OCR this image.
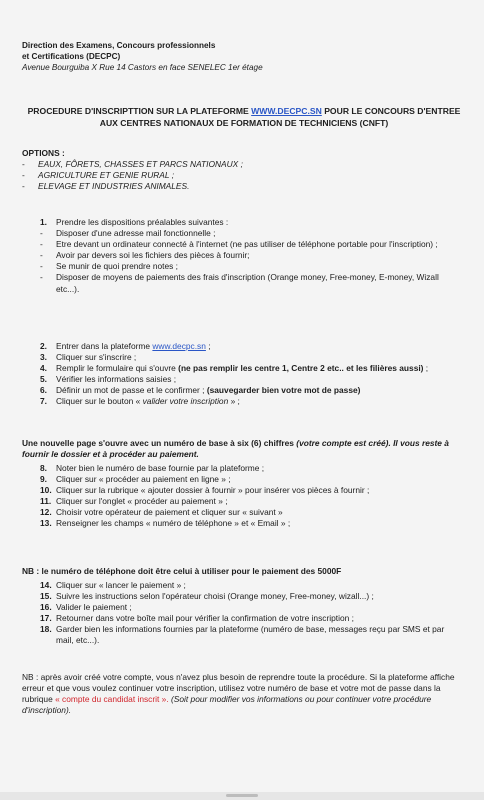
Direction des Examens, Concours professionnels
et Certifications (DECPC)
Avenue Bourguiba X Rue 14 Castors en face SENELEC 1er étage
PROCEDURE D'INSCRIPTTION SUR LA PLATEFORME WWW.DECPC.SN POUR LE CONCOURS D'ENTREE AUX CENTRES NATIONAUX DE FORMATION DE TECHNICIENS (CNFT)
OPTIONS :
- EAUX, FÔRETS, CHASSES ET PARCS NATIONAUX ;
- AGRICULTURE ET GENIE RURAL ;
- ELEVAGE ET INDUSTRIES ANIMALES.
1. Prendre les dispositions préalables suivantes :
- Disposer d'une adresse mail fonctionnelle ;
- Etre devant un ordinateur connecté à l'internet (ne pas utiliser de téléphone portable pour l'inscription) ;
- Avoir par devers soi les fichiers des pièces à fournir;
- Se munir de quoi prendre notes ;
- Disposer de moyens de paiements des frais d'inscription (Orange money, Free-money, E-money, Wizall etc...).
2. Entrer dans la plateforme www.decpc.sn ;
3. Cliquer sur s'inscrire ;
4. Remplir le formulaire qui s'ouvre (ne pas remplir les centre 1, Centre 2 etc.. et les filières aussi) ;
5. Vérifier les informations saisies ;
6. Définir un mot de passe et le confirmer ; (sauvegarder bien votre mot de passe)
7. Cliquer sur le bouton « valider votre inscription » ;
Une nouvelle page s'ouvre avec un numéro de base à six (6) chiffres (votre compte est créé). Il vous reste à fournir le dossier et à procéder au paiement.
8. Noter bien le numéro de base fournie par la plateforme ;
9. Cliquer sur « procéder au paiement en ligne » ;
10. Cliquer sur la rubrique « ajouter dossier à fournir » pour insérer vos pièces à fournir ;
11. Cliquer sur l'onglet « procéder au paiement » ;
12. Choisir votre opérateur de paiement et cliquer sur « suivant »
13. Renseigner les champs « numéro de téléphone » et « Email » ;
NB : le numéro de téléphone doit être celui à utiliser pour le paiement des 5000F
14. Cliquer sur « lancer le paiement » ;
15. Suivre les instructions selon l'opérateur choisi (Orange money, Free-money, wizall...) ;
16. Valider le paiement ;
17. Retourner dans votre boîte mail pour vérifier la confirmation de votre inscription ;
18. Garder bien les informations fournies par la plateforme (numéro de base, messages reçu par SMS et par mail, etc...).
NB : après avoir créé votre compte, vous n'avez plus besoin de reprendre toute la procédure. Si la plateforme affiche erreur et que vous voulez continuer votre inscription, utilisez votre numéro de base et votre mot de passe dans la rubrique « compte du candidat inscrit ». (Soit pour modifier vos informations ou pour continuer votre procédure d'inscription).
